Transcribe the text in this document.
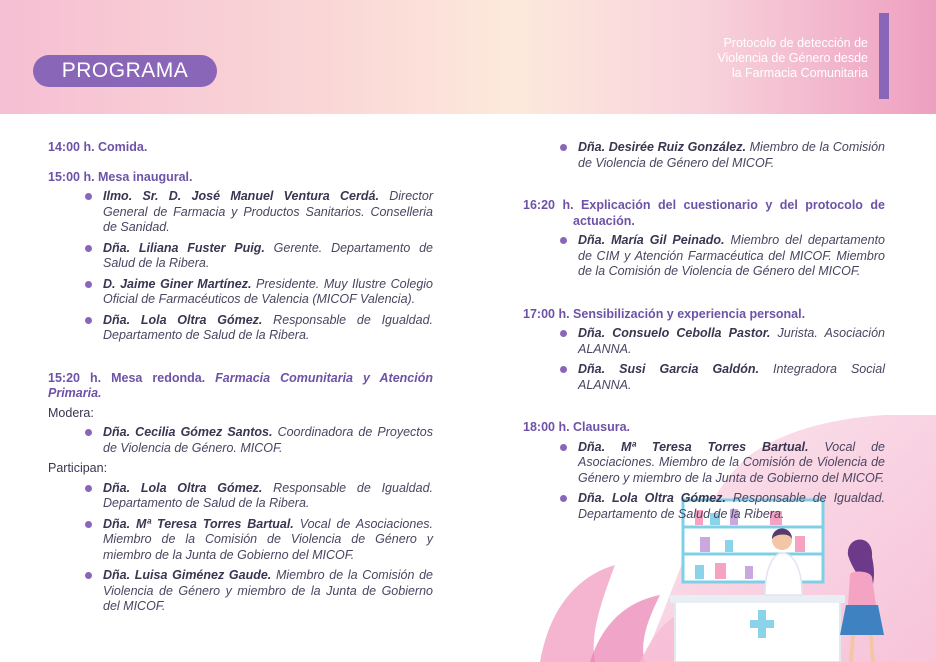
PROGRAMA
Protocolo de detección de
Violencia de Género desde
la Farmacia Comunitaria

14:00 h. Comida.

15:00 h. Mesa inaugural.

Ilmo. Sr. D. José Manuel Ventura Cerdá. Director General de Farmacia y Productos Sanitarios. Conselleria de Sanidad.
Dña. Liliana Fuster Puig. Gerente. Departamento de Salud de la Ribera.
D. Jaime Giner Martínez. Presidente. Muy Ilustre Colegio Oficial de Farmacéuticos de Valencia (MICOF Valencia).
Dña. Lola Oltra Gómez. Responsable de Igualdad. Departamento de Salud de la Ribera.

15:20 h. Mesa redonda. Farmacia Comunitaria y Atención Primaria.

Modera:

Dña. Cecilia Gómez Santos. Coordinadora de Proyectos de Violencia de Género. MICOF.

Participan:

Dña. Lola Oltra Gómez. Responsable de Igualdad. Departamento de Salud de la Ribera.
Dña. Mª Teresa Torres Bartual. Vocal de Asociaciones. Miembro de la Comisión de Violencia de Género y miembro de la Junta de Gobierno del MICOF.
Dña. Luisa Giménez Gaude. Miembro de la Comisión de Violencia de Género y miembro de la Junta de Gobierno del MICOF.
Dña. Desirée Ruiz González. Miembro de la Comisión de Violencia de Género del MICOF.

16:20 h. Explicación del cuestionario y del protocolo de actuación.

Dña. María Gil Peinado. Miembro del departamento de CIM y Atención Farmacéutica del MICOF. Miembro de la Comisión de Violencia de Género del MICOF.

17:00 h. Sensibilización y experiencia personal.

Dña. Consuelo Cebolla Pastor. Jurista. Asociación ALANNA.
Dña. Susi Garcia Galdón. Integradora Social ALANNA.

18:00 h. Clausura.

Dña. Mª Teresa Torres Bartual. Vocal de Asociaciones. Miembro de la Comisión de Violencia de Género y miembro de la Junta de Gobierno del MICOF.
Dña. Lola Oltra Gómez. Responsable de Igualdad. Departamento de Salud de la Ribera.
